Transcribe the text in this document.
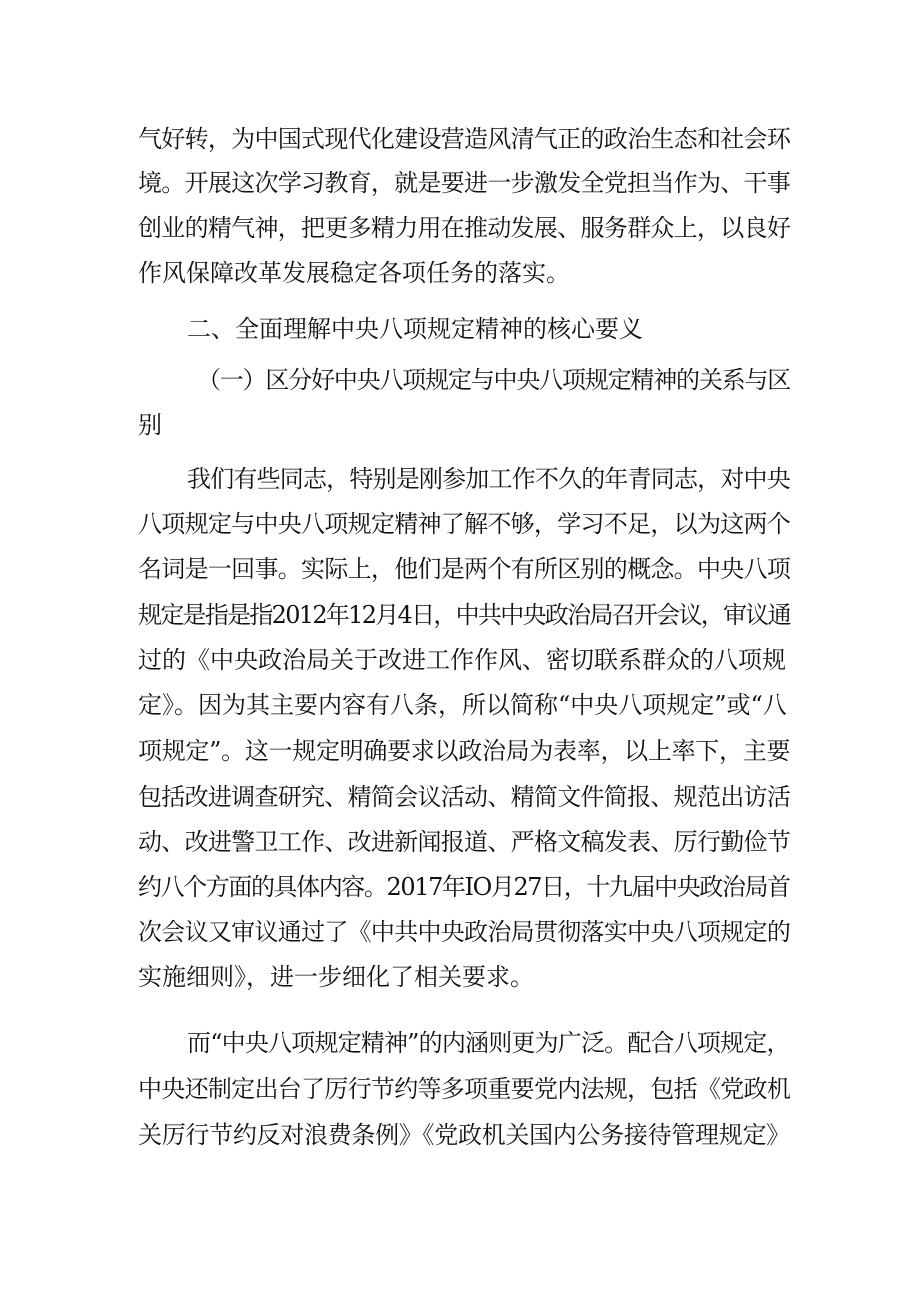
气好转，为中国式现代化建设营造风清气正的政治生态和社会环

境。开展这次学习教育，就是要进一步激发全党担当作为、干事

创业的精气神，把更多精力用在推动发展、服务群众上，以良好

作风保障改革发展稳定各项任务的落实。

二、全面理解中央八项规定精神的核心要义

（一）区分好中央八项规定与中央八项规定精神的关系与区

别

我们有些同志，特别是刚参加工作不久的年青同志，对中央

八项规定与中央八项规定精神了解不够，学习不足，以为这两个

名词是一回事。实际上，他们是两个有所区别的概念。中央八项

规定是指是指2012年12月4日，中共中央政治局召开会议，审议通

过的《中央政治局关于改进工作作风、密切联系群众的八项规

定》。因为其主要内容有八条，所以简称“中央八项规定”或“八

项规定”。这一规定明确要求以政治局为表率，以上率下，主要

包括改进调查研究、精简会议活动、精简文件简报、规范出访活

动、改进警卫工作、改进新闻报道、严格文稿发表、厉行勤俭节

约八个方面的具体内容。2017年IO月27日，十九届中央政治局首

次会议又审议通过了《中共中央政治局贯彻落实中央八项规定的

实施细则》，进一步细化了相关要求。

而“中央八项规定精神”的内涵则更为广泛。配合八项规定，

中央还制定出台了厉行节约等多项重要党内法规，包括《党政机

关厉行节约反对浪费条例》《党政机关国内公务接待管理规定》
